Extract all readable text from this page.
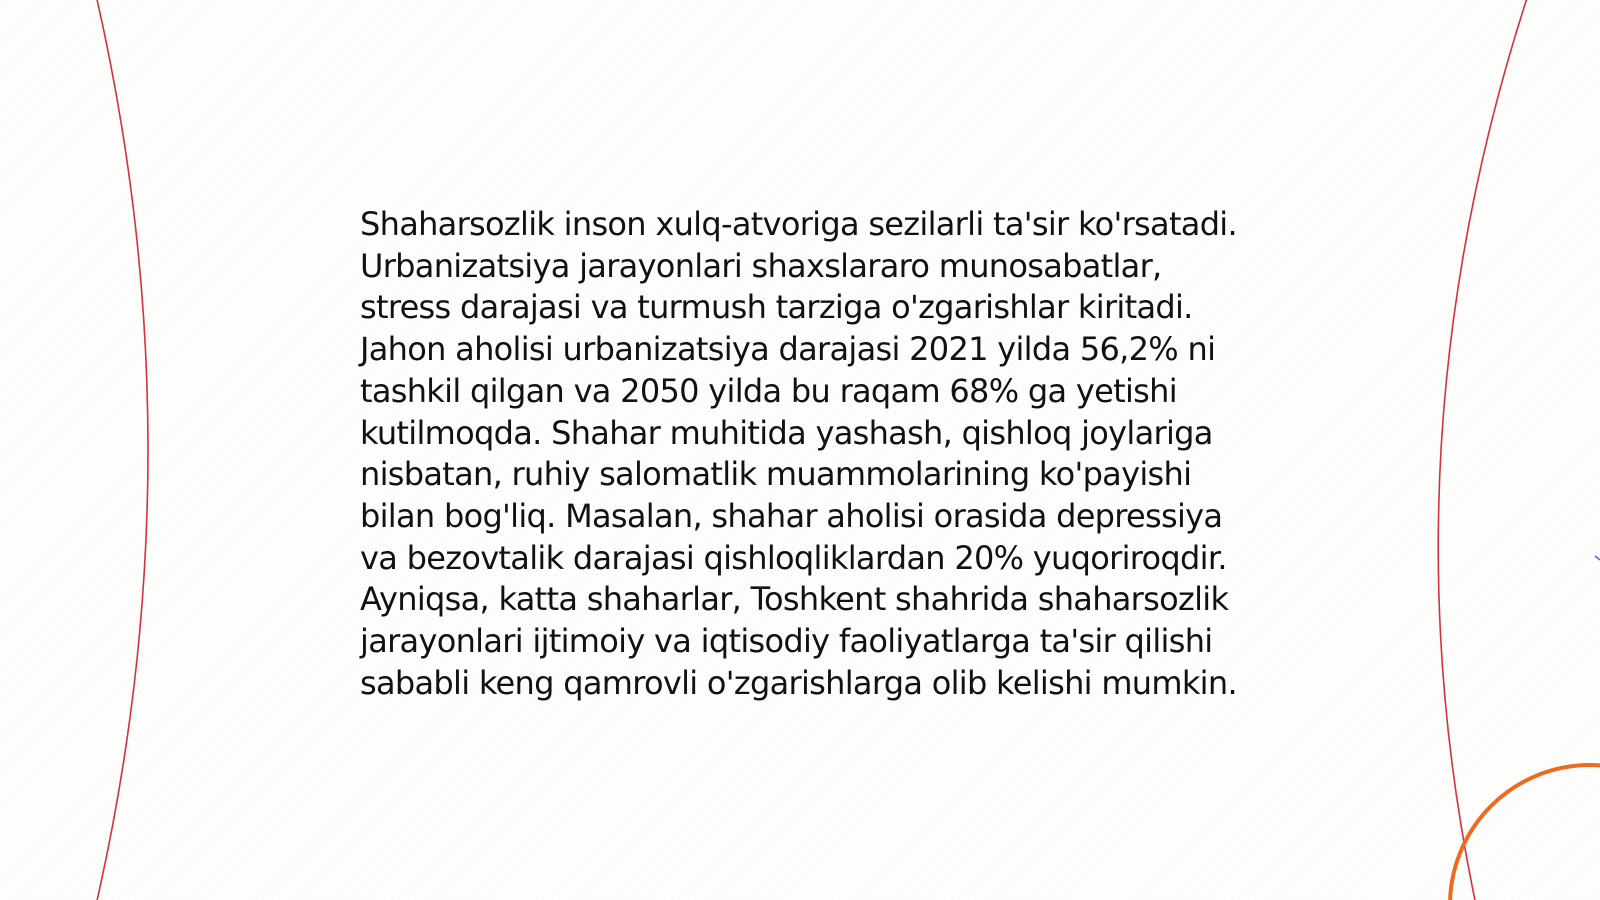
Shaharsozlik inson xulq-atvoriga sezilarli ta'sir ko'rsatadi. Urbanizatsiya jarayonlari shaxslararo munosabatlar, stress darajasi va turmush tarziga o'zgarishlar kiritadi. Jahon aholisi urbanizatsiya darajasi 2021 yilda 56,2% ni tashkil qilgan va 2050 yilda bu raqam 68% ga yetishi kutilmoqda. Shahar muhitida yashash, qishloq joylariga nisbatan, ruhiy salomatlik muammolarining ko'payishi bilan bog'liq. Masalan, shahar aholisi orasida depressiya va bezovtalik darajasi qishloqliklardan 20% yuqoriroqdir. Ayniqsa, katta shaharlar, Toshkent shahrida shaharsozlik jarayonlari ijtimoiy va iqtisodiy faoliyatlarga ta'sir qilishi sababli keng qamrovli o'zgarishlarga olib kelishi mumkin.
